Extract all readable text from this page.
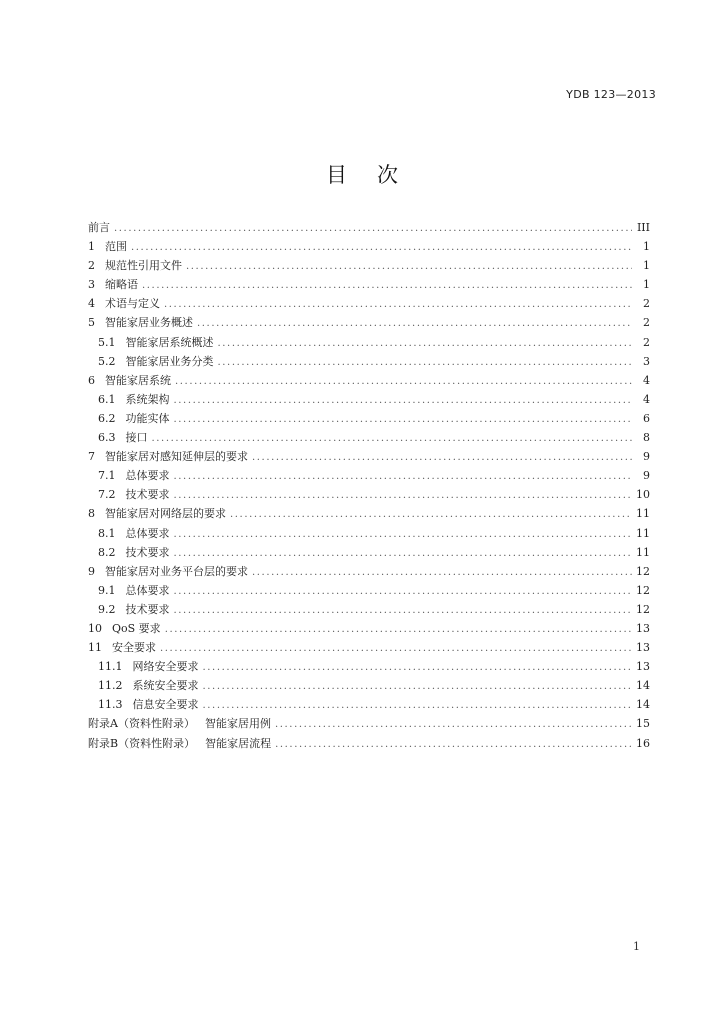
YDB 123—2013
目次
前言 .....	III
1 范围 .....	1
2 规范性引用文件 .....	1
3 缩略语 .....	1
4 术语与定义 .....	2
5 智能家居业务概述 .....	2
5.1 智能家居系统概述 .....	2
5.2 智能家居业务分类 .....	3
6 智能家居系统 .....	4
6.1 系统架构 .....	4
6.2 功能实体 .....	6
6.3 接口 .....	8
7 智能家居对感知延伸层的要求 .....	9
7.1 总体要求 .....	9
7.2 技术要求 .....	10
8 智能家居对网络层的要求 .....	11
8.1 总体要求 .....	11
8.2 技术要求 .....	11
9 智能家居对业务平台层的要求 .....	12
9.1 总体要求 .....	12
9.2 技术要求 .....	12
10 QoS 要求 .....	13
11 安全要求 .....	13
11.1 网络安全要求 .....	13
11.2 系统安全要求 .....	14
11.3 信息安全要求 .....	14
附录A（资料性附录） 智能家居用例 .....	15
附录B（资料性附录） 智能家居流程 .....	16
1
